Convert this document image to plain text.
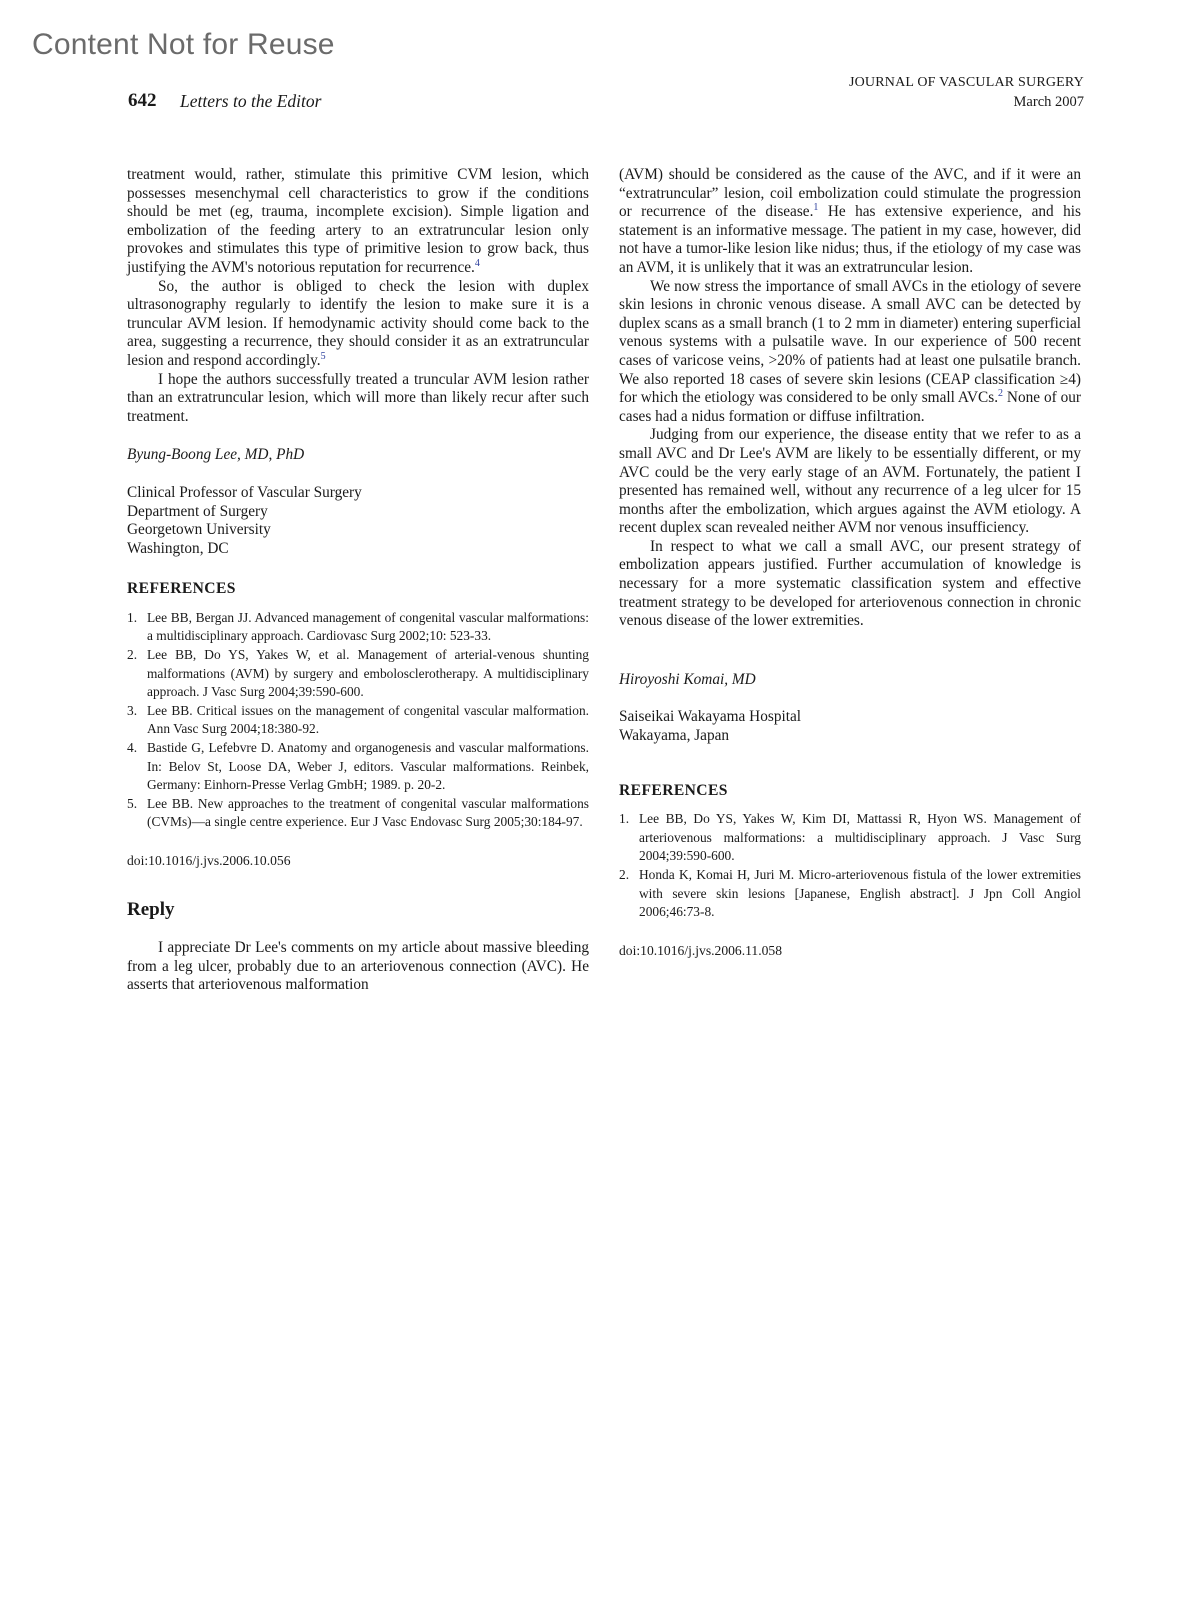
Content Not for Reuse
642 Letters to the Editor
JOURNAL OF VASCULAR SURGERY
March 2007

treatment would, rather, stimulate this primitive CVM lesion, which possesses mesenchymal cell characteristics to grow if the conditions should be met (eg, trauma, incomplete excision). Simple ligation and embolization of the feeding artery to an extratruncular lesion only provokes and stimulates this type of primitive lesion to grow back, thus justifying the AVM's notorious reputation for recurrence.$^4$

So, the author is obliged to check the lesion with duplex ultrasonography regularly to identify the lesion to make sure it is a truncular AVM lesion. If hemodynamic activity should come back to the area, suggesting a recurrence, they should consider it as an extratruncular lesion and respond accordingly.$^5$

I hope the authors successfully treated a truncular AVM lesion rather than an extratruncular lesion, which will more than likely recur after such treatment.

Byung-Boong Lee, MD, PhD
Clinical Professor of Vascular Surgery
Department of Surgery
Georgetown University
Washington, DC
REFERENCES
1. Lee BB, Bergan JJ. Advanced management of congenital vascular malformations: a multidisciplinary approach. Cardiovasc Surg 2002;10: 523-33.
2. Lee BB, Do YS, Yakes W, et al. Management of arterial-venous shunting malformations (AVM) by surgery and embolosclerotherapy. A multidisciplinary approach. J Vasc Surg 2004;39:590-600.
3. Lee BB. Critical issues on the management of congenital vascular malformation. Ann Vasc Surg 2004;18:380-92.
4. Bastide G, Lefebvre D. Anatomy and organogenesis and vascular malformations. In: Belov St, Loose DA, Weber J, editors. Vascular malformations. Reinbek, Germany: Einhorn-Presse Verlag GmbH; 1989. p. 20-2.
5. Lee BB. New approaches to the treatment of congenital vascular malformations (CVMs)—a single centre experience. Eur J Vasc Endovasc Surg 2005;30:184-97.
doi:10.1016/j.jvs.2006.10.056
Reply

I appreciate Dr Lee's comments on my article about massive bleeding from a leg ulcer, probably due to an arteriovenous connection (AVC). He asserts that arteriovenous malformation

(AVM) should be considered as the cause of the AVC, and if it were an “extratruncular” lesion, coil embolization could stimulate the progression or recurrence of the disease.$^1$ He has extensive experience, and his statement is an informative message. The patient in my case, however, did not have a tumor-like lesion like nidus; thus, if the etiology of my case was an AVM, it is unlikely that it was an extratruncular lesion.

We now stress the importance of small AVCs in the etiology of severe skin lesions in chronic venous disease. A small AVC can be detected by duplex scans as a small branch (1 to 2 mm in diameter) entering superficial venous systems with a pulsatile wave. In our experience of 500 recent cases of varicose veins, >20% of patients had at least one pulsatile branch. We also reported 18 cases of severe skin lesions (CEAP classification ≥4) for which the etiology was considered to be only small AVCs.$^2$ None of our cases had a nidus formation or diffuse infiltration.

Judging from our experience, the disease entity that we refer to as a small AVC and Dr Lee's AVM are likely to be essentially different, or my AVC could be the very early stage of an AVM. Fortunately, the patient I presented has remained well, without any recurrence of a leg ulcer for 15 months after the embolization, which argues against the AVM etiology. A recent duplex scan revealed neither AVM nor venous insufficiency.

In respect to what we call a small AVC, our present strategy of embolization appears justified. Further accumulation of knowledge is necessary for a more systematic classification system and effective treatment strategy to be developed for arteriovenous connection in chronic venous disease of the lower extremities.

Hiroyoshi Komai, MD
Saiseikai Wakayama Hospital
Wakayama, Japan
REFERENCES
1. Lee BB, Do YS, Yakes W, Kim DI, Mattassi R, Hyon WS. Management of arteriovenous malformations: a multidisciplinary approach. J Vasc Surg 2004;39:590-600.
2. Honda K, Komai H, Juri M. Micro-arteriovenous fistula of the lower extremities with severe skin lesions [Japanese, English abstract]. J Jpn Coll Angiol 2006;46:73-8.
doi:10.1016/j.jvs.2006.11.058
